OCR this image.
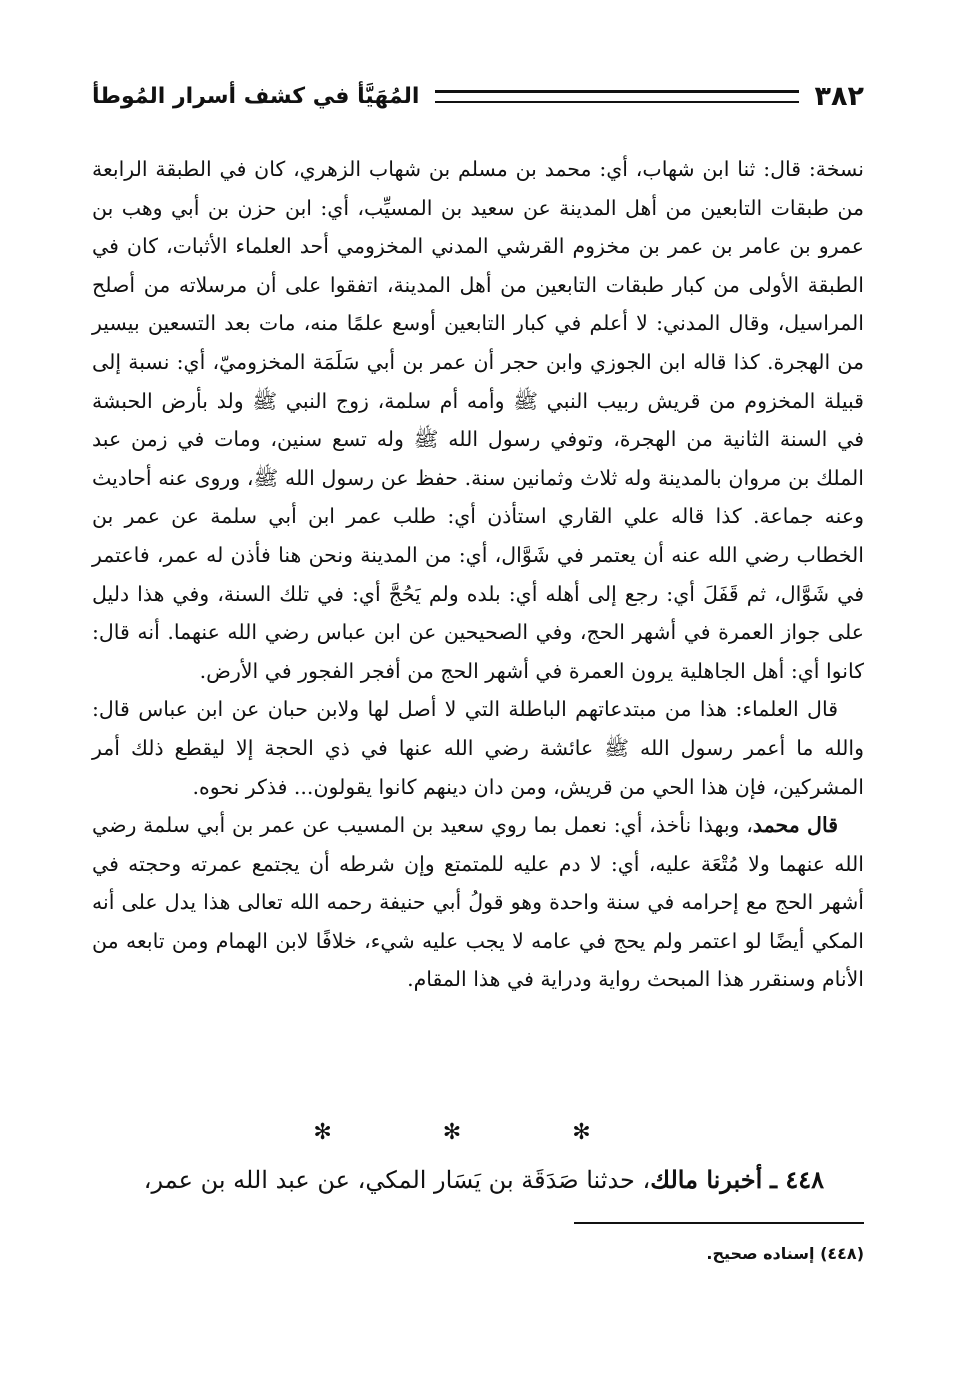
٣٨٢
المُهَيَّأ في كشف أسرار المُوطأ

نسخة: قال: ثنا ابن شهاب، أي: محمد بن مسلم بن شهاب الزهري، كان في الطبقة الرابعة من طبقات التابعين من أهل المدينة عن سعيد بن المسيِّب، أي: ابن حزن بن أبي وهب بن عمرو بن عامر بن عمر بن مخزوم القرشي المدني المخزومي أحد العلماء الأثبات، كان في الطبقة الأولى من كبار طبقات التابعين من أهل المدينة، اتفقوا على أن مرسلاته من أصلح المراسيل، وقال المدني: لا أعلم في كبار التابعين أوسع علمًا منه، مات بعد التسعين بيسير من الهجرة. كذا قاله ابن الجوزي وابن حجر أن عمر بن أبي سَلَمَة المخزوميّ، أي: نسبة إلى قبيلة المخزوم من قريش ربيب النبي ﷺ وأمه أم سلمة، زوج النبي ﷺ ولد بأرض الحبشة في السنة الثانية من الهجرة، وتوفي رسول الله ﷺ وله تسع سنين، ومات في زمن عبد الملك بن مروان بالمدينة وله ثلاث وثمانين سنة. حفظ عن رسول الله ﷺ، وروى عنه أحاديث وعنه جماعة. كذا قاله علي القاري استأذن أي: طلب عمر ابن أبي سلمة عن عمر بن الخطاب رضي الله عنه أن يعتمر في شَوَّال، أي: من المدينة ونحن هنا فأذن له عمر، فاعتمر في شَوَّال، ثم قَفَلَ أي: رجع إلى أهله أي: بلده ولم يَحُجَّ أي: في تلك السنة، وفي هذا دليل على جواز العمرة في أشهر الحج، وفي الصحيحين عن ابن عباس رضي الله عنهما. أنه قال: كانوا أي: أهل الجاهلية يرون العمرة في أشهر الحج من أفجر الفجور في الأرض.

قال العلماء: هذا من مبتدعاتهم الباطلة التي لا أصل لها ولابن حبان عن ابن عباس قال: والله ما أعمر رسول الله ﷺ عائشة رضي الله عنها في ذي الحجة إلا ليقطع ذلك أمر المشركين، فإن هذا الحي من قريش، ومن دان دينهم كانوا يقولون... فذكر نحوه.

قال محمد، وبهذا نأخذ، أي: نعمل بما روي سعيد بن المسيب عن عمر بن أبي سلمة رضي الله عنهما ولا مُتْعَة عليه، أي: لا دم عليه للمتمتع وإن شرطه أن يجتمع عمرته وحجته في أشهر الحج مع إحرامه في سنة واحدة وهو قولُ أبي حنيفة رحمه الله تعالى هذا يدل على أنه المكي أيضًا لو اعتمر ولم يحج في عامه لا يجب عليه شيء، خلافًا لابن الهمام ومن تابعه من الأنام وسنقرر هذا المبحث رواية ودراية في هذا المقام.

✻ ✻ ✻
٤٤٨ ـ أخبرنا مالك، حدثنا صَدَقَة بن يَسَار المكي، عن عبد الله بن عمر،
(٤٤٨) إسناده صحيح.
